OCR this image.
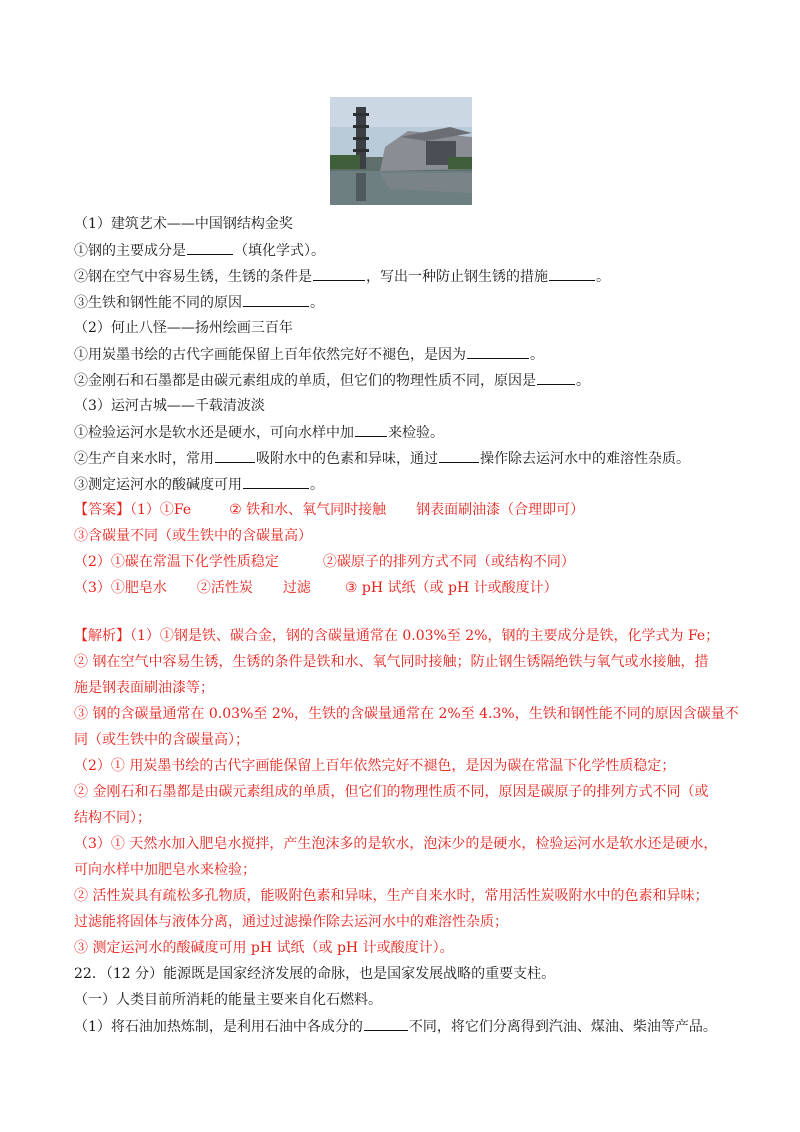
（1）建筑艺术——中国钢结构金奖
①钢的主要成分是	（填化学式）。
②钢在空气中容易生锈，生锈的条件是	，写出一种防止钢生锈的措施	。
③生铁和钢性能不同的原因	。
（2）何止八怪——扬州绘画三百年
①用炭墨书绘的古代字画能保留上百年依然完好不褪色，是因为	。
②金刚石和石墨都是由碳元素组成的单质，但它们的物理性质不同，原因是	。
（3）运河古城——千载清波淡
①检验运河水是软水还是硬水，可向水样中加 来检验。
②生产自来水时，常用	吸附水中的色素和异味，通过	操作除去运河水中的难溶性杂质。
③测定运河水的酸碱度可用	。
【答案】（1）①Fe	② 铁和水、氧气同时接触 钢表面刷油漆（合理即可）
③含碳量不同（或生铁中的含碳量高）
（2）①碳在常温下化学性质稳定	②碳原子的排列方式不同（或结构不同）
（3）①肥皂水 ②活性炭 过滤 ③ pH 试纸（或 pH 计或酸度计）
【解析】（1）①钢是铁、碳合金，钢的含碳量通常在 0.03%至 2%，钢的主要成分是铁，化学式为 Fe；
② 钢在空气中容易生锈，生锈的条件是铁和水、氧气同时接触；防止钢生锈隔绝铁与氧气或水接触，措
施是钢表面刷油漆等；
③ 钢的含碳量通常在 0.03%至 2%，生铁的含碳量通常在 2%至 4.3%，生铁和钢性能不同的原因含碳量不
同（或生铁中的含碳量高）；
（2）① 用炭墨书绘的古代字画能保留上百年依然完好不褪色，是因为碳在常温下化学性质稳定；
② 金刚石和石墨都是由碳元素组成的单质，但它们的物理性质不同，原因是碳原子的排列方式不同（或
结构不同）；
（3）① 天然水加入肥皂水搅拌，产生泡沫多的是软水，泡沫少的是硬水，检验运河水是软水还是硬水，
可向水样中加肥皂水来检验；
② 活性炭具有疏松多孔物质，能吸附色素和异味，生产自来水时，常用活性炭吸附水中的色素和异味；
过滤能将固体与液体分离，通过过滤操作除去运河水中的难溶性杂质；
③ 测定运河水的酸碱度可用 pH 试纸（或 pH 计或酸度计）。
22．（12 分）能源既是国家经济发展的命脉，也是国家发展战略的重要支柱。
（一）人类目前所消耗的能量主要来自化石燃料。
（1）将石油加热炼制，是利用石油中各成分的	不同，将它们分离得到汽油、煤油、柴油等产品。
